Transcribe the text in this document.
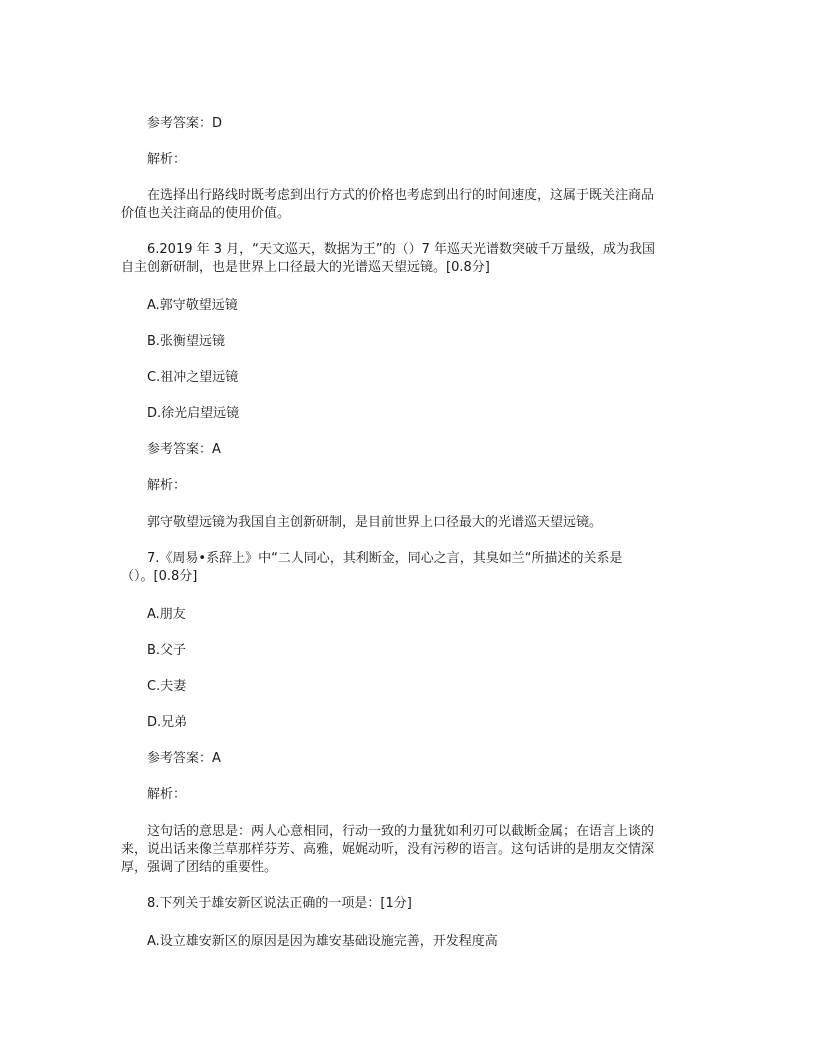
参考答案：D

解析：

在选择出行路线时既考虑到出行方式的价格也考虑到出行的时间速度，这属于既关注商品

价值也关注商品的使用价值。

6.2019 年 3 月，“天文巡天，数据为王”的（）7 年巡天光谱数突破千万量级，成为我国

自主创新研制，也是世界上口径最大的光谱巡天望远镜。[0.8分]

A.郭守敬望远镜

B.张衡望远镜

C.祖冲之望远镜

D.徐光启望远镜

参考答案：A

解析：

郭守敬望远镜为我国自主创新研制，是目前世界上口径最大的光谱巡天望远镜。

7.《周易•系辞上》中“二人同心，其利断金，同心之言，其臭如兰“所描述的关系是

（）。[0.8分]

A.朋友

B.父子

C.夫妻

D.兄弟

参考答案：A

解析：

这句话的意思是：两人心意相同，行动一致的力量犹如利刃可以截断金属；在语言上谈的

来，说出话来像兰草那样芬芳、高雅，娓娓动听，没有污秽的语言。这句话讲的是朋友交情深

厚，强调了团结的重要性。

8.下列关于雄安新区说法正确的一项是：[1分]

A.设立雄安新区的原因是因为雄安基础设施完善，开发程度高
